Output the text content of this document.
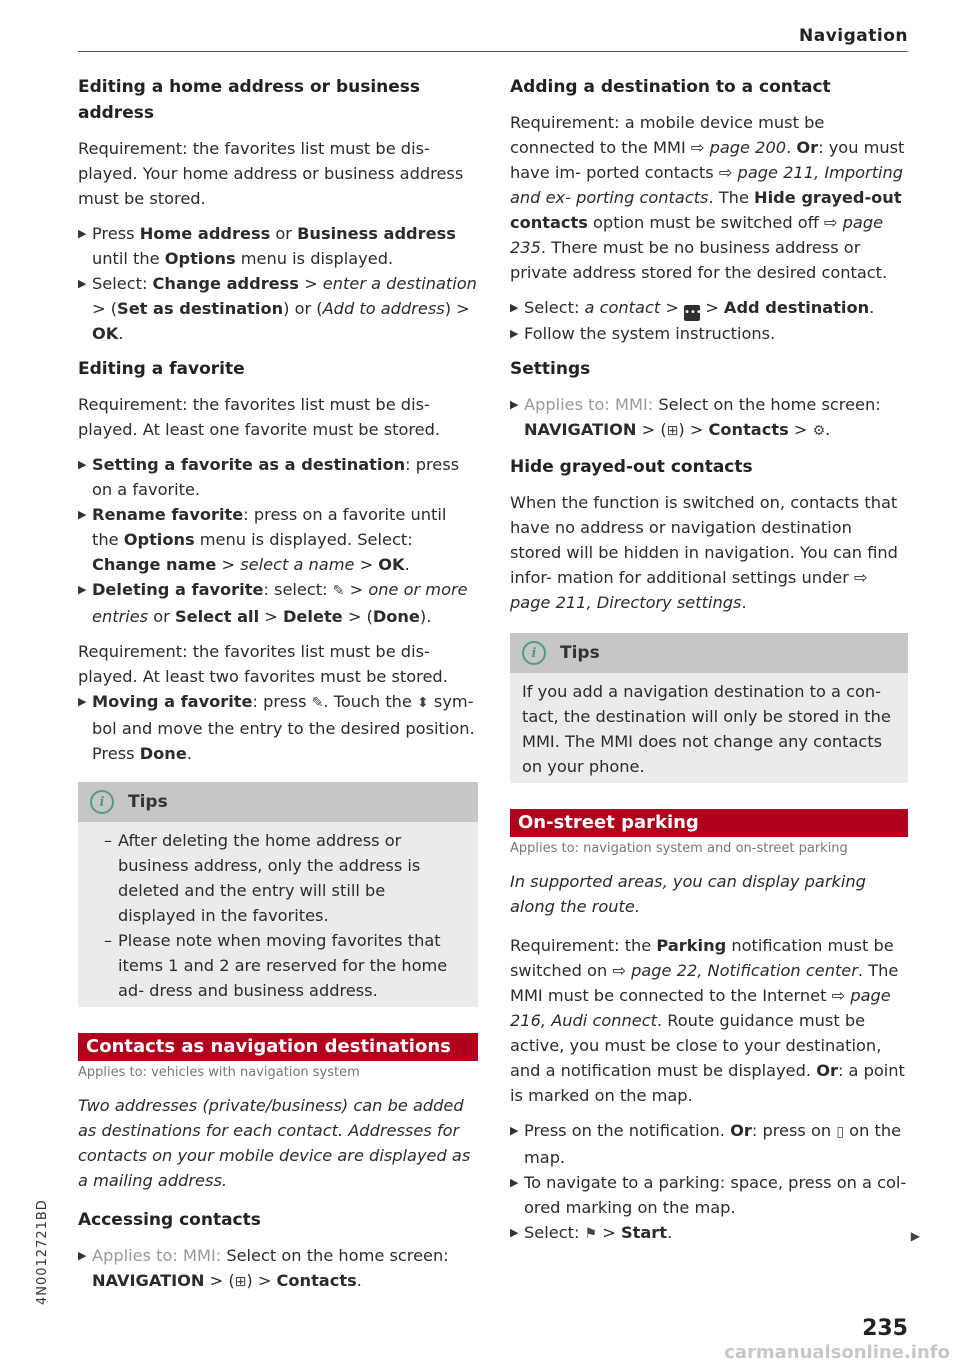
Navigation
Editing a home address or business address

Requirement: the favorites list must be dis- played. Your home address or business address must be stored.

▶ Press Home address or Business address until the Options menu is displayed.
▶ Select: Change address > enter a destination > (Set as destination) or (Add to address) > OK.
Editing a favorite

Requirement: the favorites list must be dis- played. At least one favorite must be stored.

▶ Setting a favorite as a destination: press on a favorite.
▶ Rename favorite: press on a favorite until the Options menu is displayed. Select: Change name > select a name > OK.
▶ Deleting a favorite: select: ✎ > one or more entries or Select all > Delete > (Done).

Requirement: the favorites list must be dis- played. At least two favorites must be stored.

▶ Moving a favorite: press ✎. Touch the ⬍ sym- bol and move the entry to the desired position. Press Done.
i	Tips
– After deleting the home address or business address, only the address is deleted and the entry will still be displayed in the favorites.
– Please note when moving favorites that items 1 and 2 are reserved for the home ad- dress and business address.
Contacts as navigation destinations
Applies to: vehicles with navigation system

Two addresses (private/business) can be added as destinations for each contact. Addresses for contacts on your mobile device are displayed as a mailing address.

Accessing contacts
▶ Applies to: MMI: Select on the home screen: NAVIGATION > (⊞) > Contacts.
Adding a destination to a contact

Requirement: a mobile device must be connected to the MMI ⇨ page 200. Or: you must have im- ported contacts ⇨ page 211, Importing and ex- porting contacts. The Hide grayed-out contacts option must be switched off ⇨ page 235. There must be no business address or private address stored for the desired contact.

▶ Select: a contact > ••• > Add destination.
▶ Follow the system instructions.
Settings
▶ Applies to: MMI: Select on the home screen: NAVIGATION > (⊞) > Contacts > ⚙.
Hide grayed-out contacts

When the function is switched on, contacts that have no address or navigation destination stored will be hidden in navigation. You can find infor- mation for additional settings under ⇨ page 211, Directory settings.

i	Tips

If you add a navigation destination to a con- tact, the destination will only be stored in the MMI. The MMI does not change any contacts on your phone.

On-street parking
Applies to: navigation system and on-street parking

In supported areas, you can display parking along the route.

Requirement: the Parking notification must be switched on ⇨ page 22, Notification center. The MMI must be connected to the Internet ⇨ page 216, Audi connect. Route guidance must be active, you must be close to your destination, and a notification must be displayed. Or: a point is marked on the map.

▶ Press on the notification. Or: press on ▯ on the map.
▶ To navigate to a parking: space, press on a col- ored marking on the map.
▶ Select: ⚑ > Start.	▶
4N0012721BD
235
carmanualsonline.info
